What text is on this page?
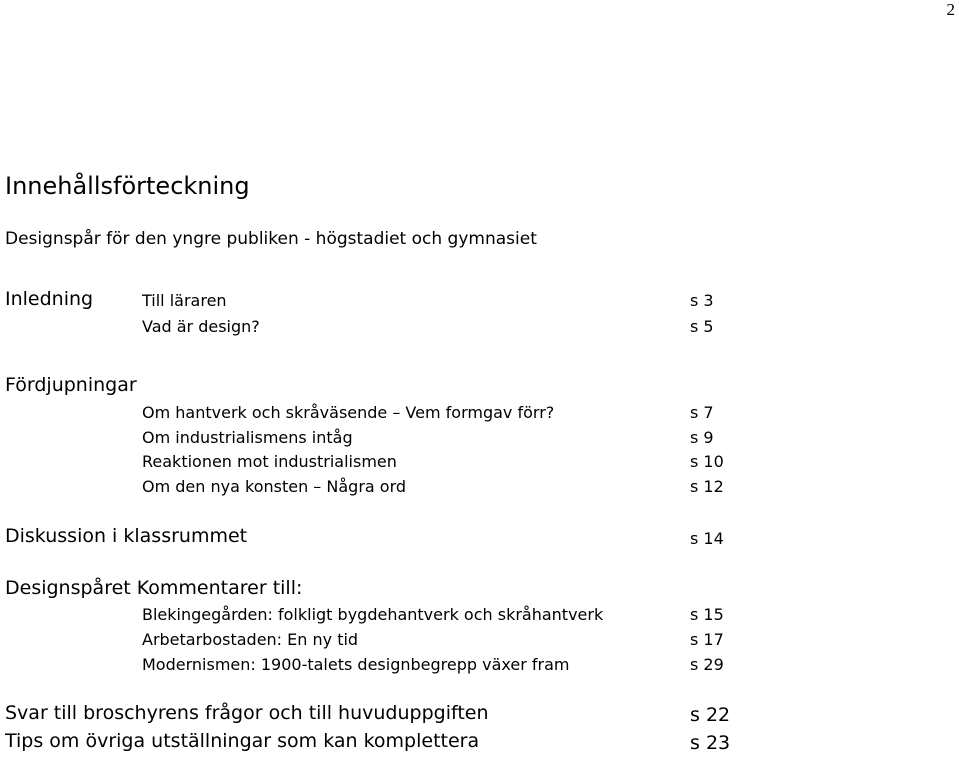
2
Innehållsförteckning
Designspår för den yngre publiken - högstadiet och gymnasiet
Inledning	Till läraren	s 3
Vad är design?	s 5
Fördjupningar
Om hantverk och skråväsende – Vem formgav förr?	s 7
Om industrialismens intåg	s 9
Reaktionen mot industrialismen	s 10
Om den nya konsten – Några ord	s 12
Diskussion i klassrummet	s 14
Designspåret Kommentarer till:
Blekingegården: folkligt bygdehantverk och skråhantverk	s 15
Arbetarbostaden: En ny tid	s 17
Modernismen: 1900-talets designbegrepp växer fram	s 29
Svar till broschyrens frågor och till huvuduppgiften	s 22
Tips om övriga utställningar som kan komplettera	s 23
